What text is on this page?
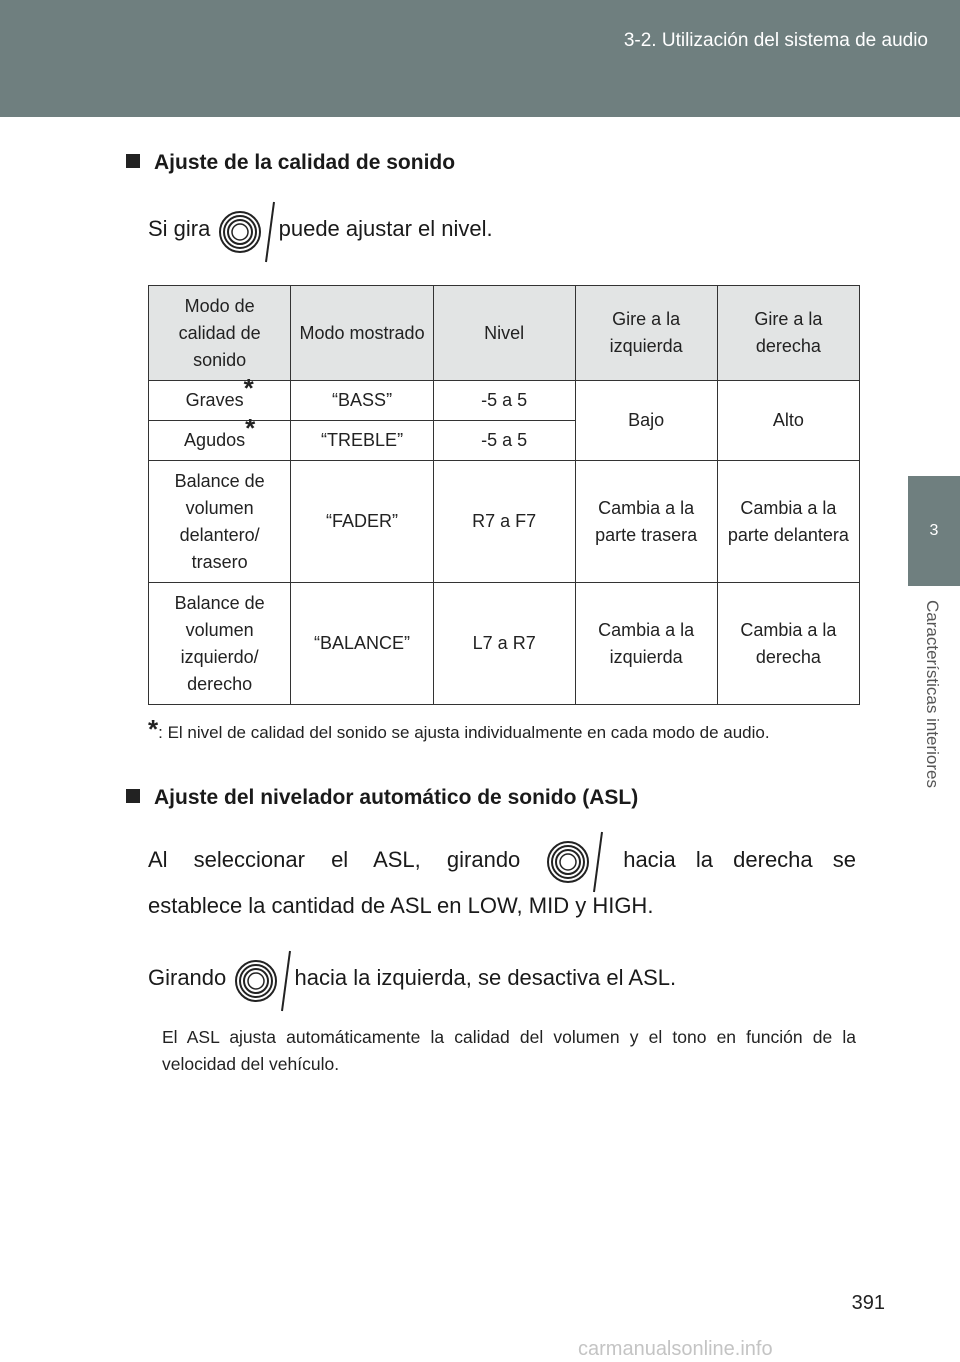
3-2. Utilización del sistema de audio
3
Características interiores
Ajuste de la calidad de sonido
Si gira	puede ajustar el nivel.
Modo de calidad de sonido	Modo mostrado	Nivel	Gire a la izquierda	Gire a la derecha
Graves*	“BASS”	-5 a 5	Bajo	Alto
Agudos*	“TREBLE”	-5 a 5		
Balance de volumen delantero/ trasero	“FADER”	R7 a F7	Cambia a la parte trasera	Cambia a la parte delantera
Balance de volumen izquierdo/ derecho	“BALANCE”	L7 a R7	Cambia a la izquierda	Cambia a la derecha
*: El nivel de calidad del sonido se ajusta individualmente en cada modo de audio.
Ajuste del nivelador automático de sonido (ASL)
Al seleccionar el ASL, girando	hacia la derecha se
establece la cantidad de ASL en LOW, MID y HIGH.
Girando	hacia la izquierda, se desactiva el ASL.
El ASL ajusta automáticamente la calidad del volumen y el tono en función de la velocidad del vehículo.
391
carmanualsonline.info
